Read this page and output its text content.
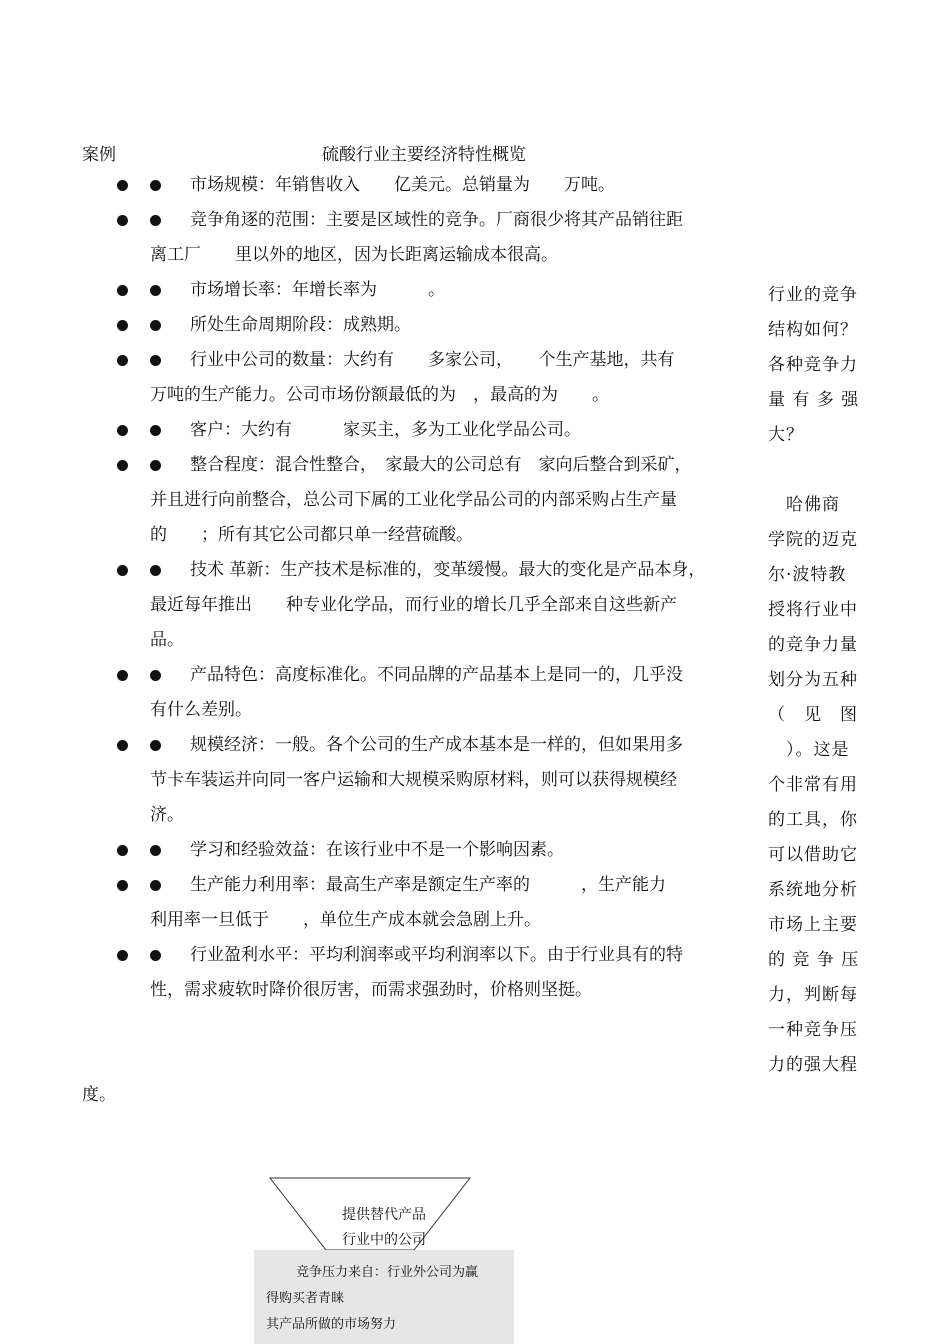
案例	硫酸行业主要经济特性概览
市场规模：年销售收入　　亿美元。总销量为　　万吨。
竞争角逐的范围：主要是区域性的竞争。厂商很少将其产品销往距
离工厂　　里以外的地区，因为长距离运输成本很高。
市场增长率：年增长率为　　　。
所处生命周期阶段：成熟期。
行业中公司的数量：大约有　　多家公司，　　个生产基地，共有
万吨的生产能力。公司市场份额最低的为　，最高的为　　。
客户：大约有　　　家买主，多为工业化学品公司。
整合程度：混合性整合，　家最大的公司总有　家向后整合到采矿，
并且进行向前整合，总公司下属的工业化学品公司的内部采购占生产量
的　　；所有其它公司都只单一经营硫酸。
技术 革新：生产技术是标准的，变革缓慢。最大的变化是产品本身，
最近每年推出　　种专业化学品，而行业的增长几乎全部来自这些新产
品。
产品特色：高度标准化。不同品牌的产品基本上是同一的，几乎没
有什么差别。
规模经济：一般。各个公司的生产成本基本是一样的，但如果用多
节卡车装运并向同一客户运输和大规模采购原材料，则可以获得规模经
济。
学习和经验效益：在该行业中不是一个影响因素。
生产能力利用率：最高生产率是额定生产率的　　　，生产能力
利用率一旦低于　　，单位生产成本就会急剧上升。
行业盈利水平：平均利润率或平均利润率以下。由于行业具有的特
性，需求疲软时降价很厉害，而需求强劲时，价格则坚挺。

行业的竞争

结构如何？

各种竞争力

量 有 多 强

大？

　哈佛商

学院的迈克

尔·波特教

授将行业中

的竞争力量

划分为五种

（　见　图

　）。这是

个非常有用

的工具，你

可以借助它

系统地分析

市场上主要

的 竞 争 压

力，判断每

一种竞争压

力的强大程

度。
提供替代产品
行业中的公司
竞争压力来自：行业外公司为赢
得购买者青睐
其产品所做的市场努力
